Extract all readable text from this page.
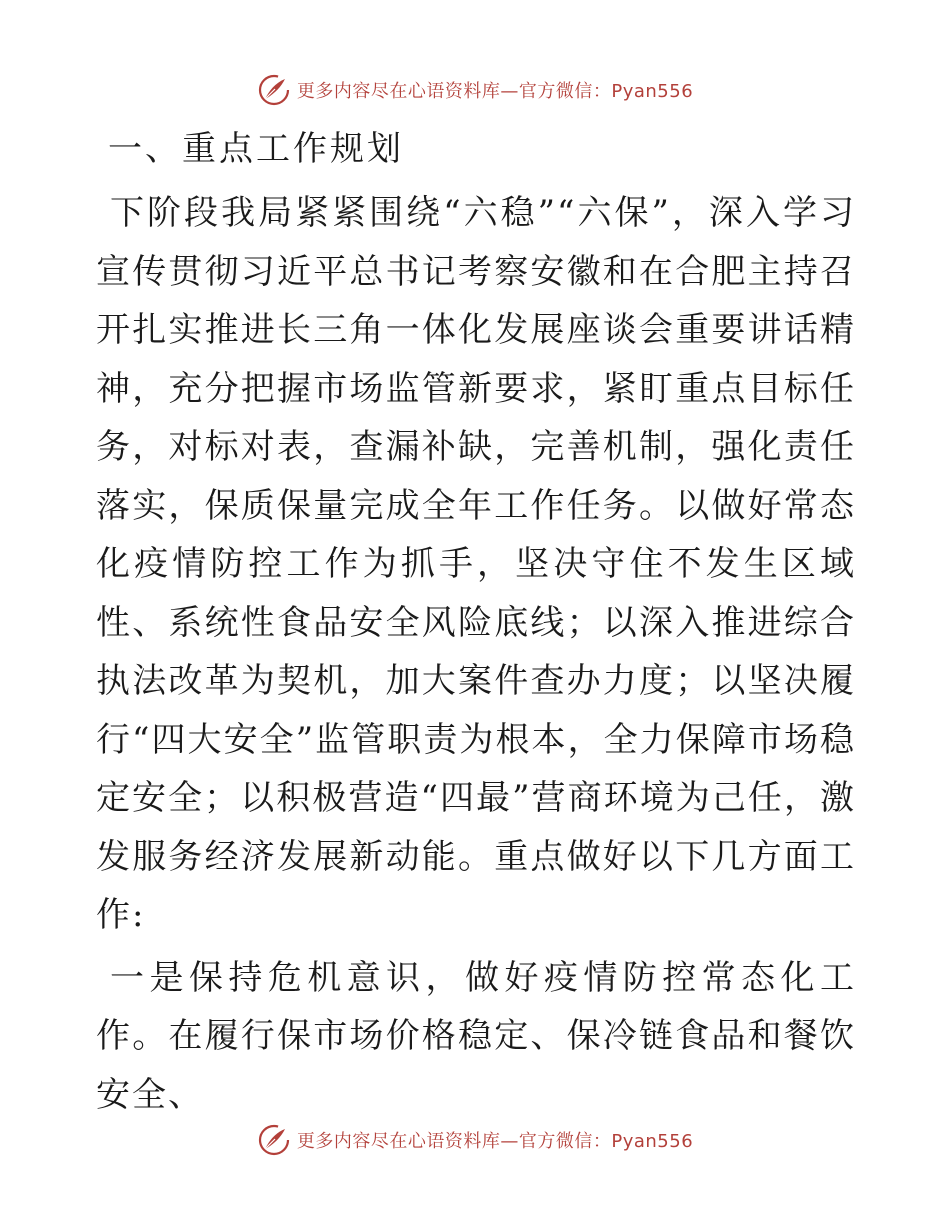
更多内容尽在心语资料库—官方微信：Pyan556
一、重点工作规划

下阶段我局紧紧围绕“六稳”“六保”，深入学习宣传贯彻习近平总书记考察安徽和在合肥主持召开扎实推进长三角一体化发展座谈会重要讲话精神，充分把握市场监管新要求，紧盯重点目标任务，对标对表，查漏补缺，完善机制，强化责任落实，保质保量完成全年工作任务。以做好常态化疫情防控工作为抓手，坚决守住不发生区域性、系统性食品安全风险底线；以深入推进综合执法改革为契机，加大案件查办力度；以坚决履行“四大安全”监管职责为根本，全力保障市场稳定安全；以积极营造“四最”营商环境为己任，激发服务经济发展新动能。重点做好以下几方面工作:

一是保持危机意识，做好疫情防控常态化工作。在履行保市场价格稳定、保冷链食品和餐饮安全、

更多内容尽在心语资料库—官方微信：Pyan556
